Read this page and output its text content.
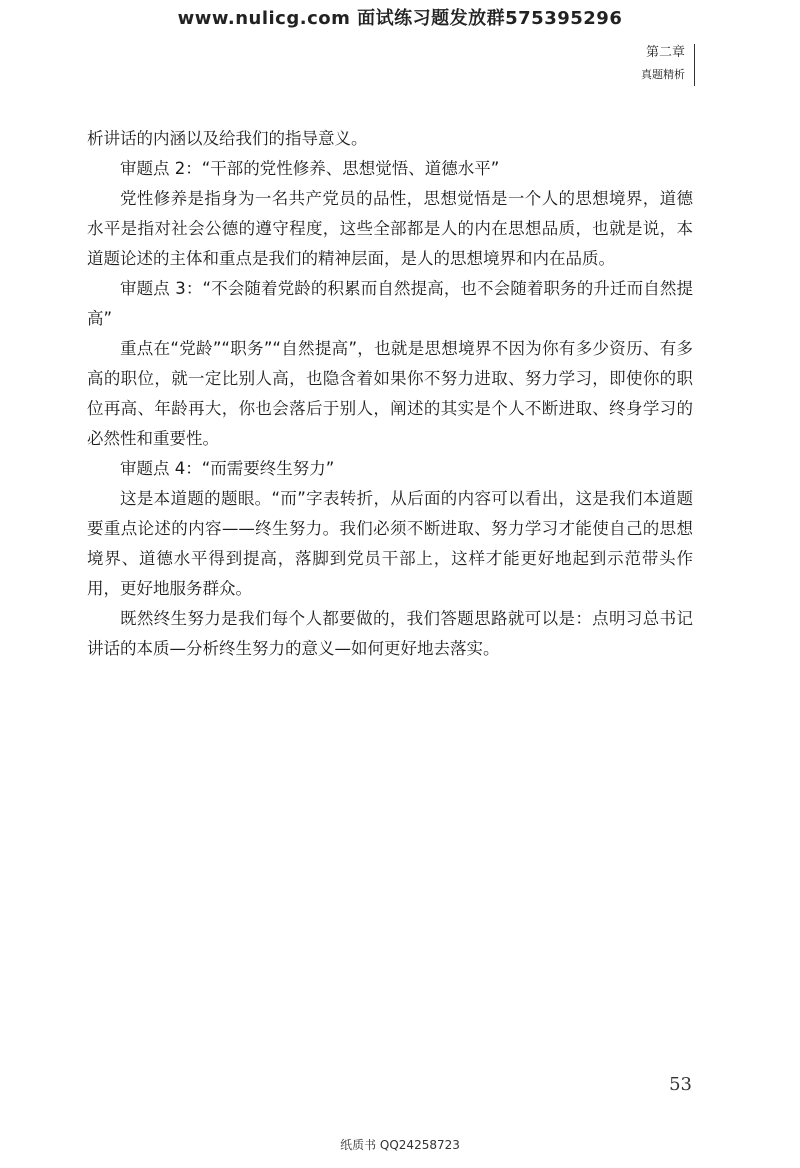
www.nulicg.com 面试练习题发放群575395296
第二章
真题精析

析讲话的内涵以及给我们的指导意义。

审题点 2：“干部的党性修养、思想觉悟、道德水平”

党性修养是指身为一名共产党员的品性，思想觉悟是一个人的思想境界，道德水平是指对社会公德的遵守程度，这些全部都是人的内在思想品质，也就是说，本道题论述的主体和重点是我们的精神层面，是人的思想境界和内在品质。

审题点 3：“不会随着党龄的积累而自然提高，也不会随着职务的升迁而自然提高”

重点在“党龄”“职务”“自然提高”，也就是思想境界不因为你有多少资历、有多高的职位，就一定比别人高，也隐含着如果你不努力进取、努力学习，即使你的职位再高、年龄再大，你也会落后于别人，阐述的其实是个人不断进取、终身学习的必然性和重要性。

审题点 4：“而需要终生努力”

这是本道题的题眼。“而”字表转折，从后面的内容可以看出，这是我们本道题要重点论述的内容——终生努力。我们必须不断进取、努力学习才能使自己的思想境界、道德水平得到提高，落脚到党员干部上，这样才能更好地起到示范带头作用，更好地服务群众。

既然终生努力是我们每个人都要做的，我们答题思路就可以是：点明习总书记讲话的本质—分析终生努力的意义—如何更好地去落实。

53
纸质书 QQ24258723
